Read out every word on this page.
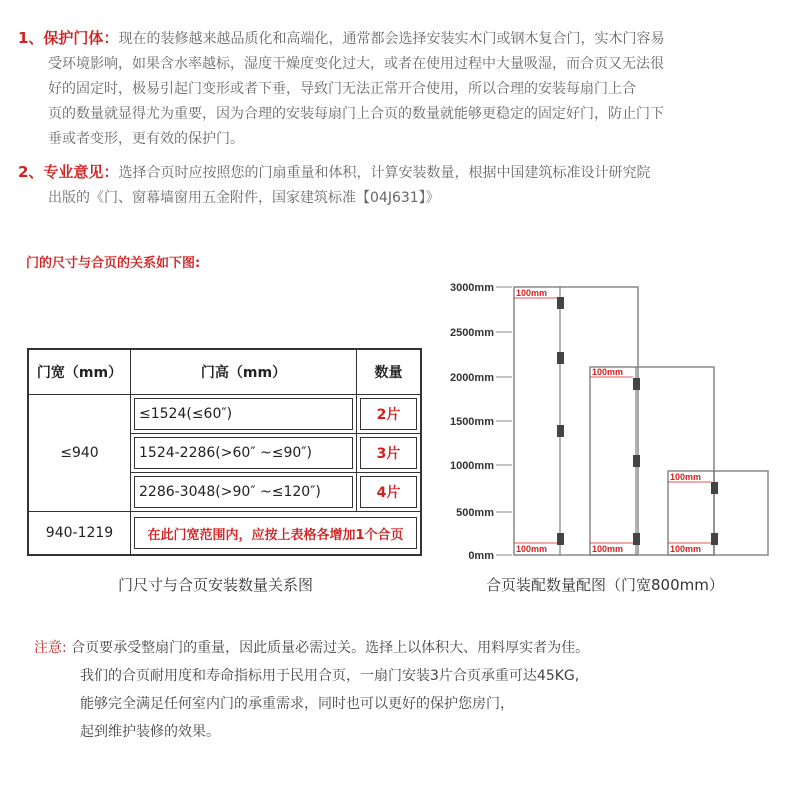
1、保护门体：现在的装修越来越品质化和高端化，通常都会选择安装实木门或钢木复合门，实木门容易
受环境影响，如果含水率越标，湿度干燥度变化过大，或者在使用过程中大量吸湿，而合页又无法很
好的固定时，极易引起门变形或者下垂，导致门无法正常开合使用，所以合理的安装每扇门上合
页的数量就显得尤为重要，因为合理的安装每扇门上合页的数量就能够更稳定的固定好门，防止门下
垂或者变形，更有效的保护门。
2、专业意见：选择合页时应按照您的门扇重量和体积，计算安装数量，根据中国建筑标准设计研究院
出版的《门、窗幕墙窗用五金附件，国家建筑标准【04J631】》
门的尺寸与合页的关系如下图:
门宽（mm）	门高（mm）	数量
≤940	≤1524(≤60″)	2片

1524-2286(>60″ ~≤90″)	3片

2286-3048(>90″ ~≤120″)	4片

940-1219	在此门宽范围内，应按上表格各增加1个合页	
门尺寸与合页安装数量关系图
3000mm
2500mm
2000mm
1500mm
1000mm
500mm
0mm
100mm
100mm
100mm
100mm
100mm
100mm
合页装配数量配图（门宽800mm）
注意: 合页要承受整扇门的重量，因此质量必需过关。选择上以体积大、用料厚实者为佳。
我们的合页耐用度和寿命指标用于民用合页，一扇门安装3片合页承重可达45KG,
能够完全满足任何室内门的承重需求，同时也可以更好的保护您房门，
起到维护装修的效果。
